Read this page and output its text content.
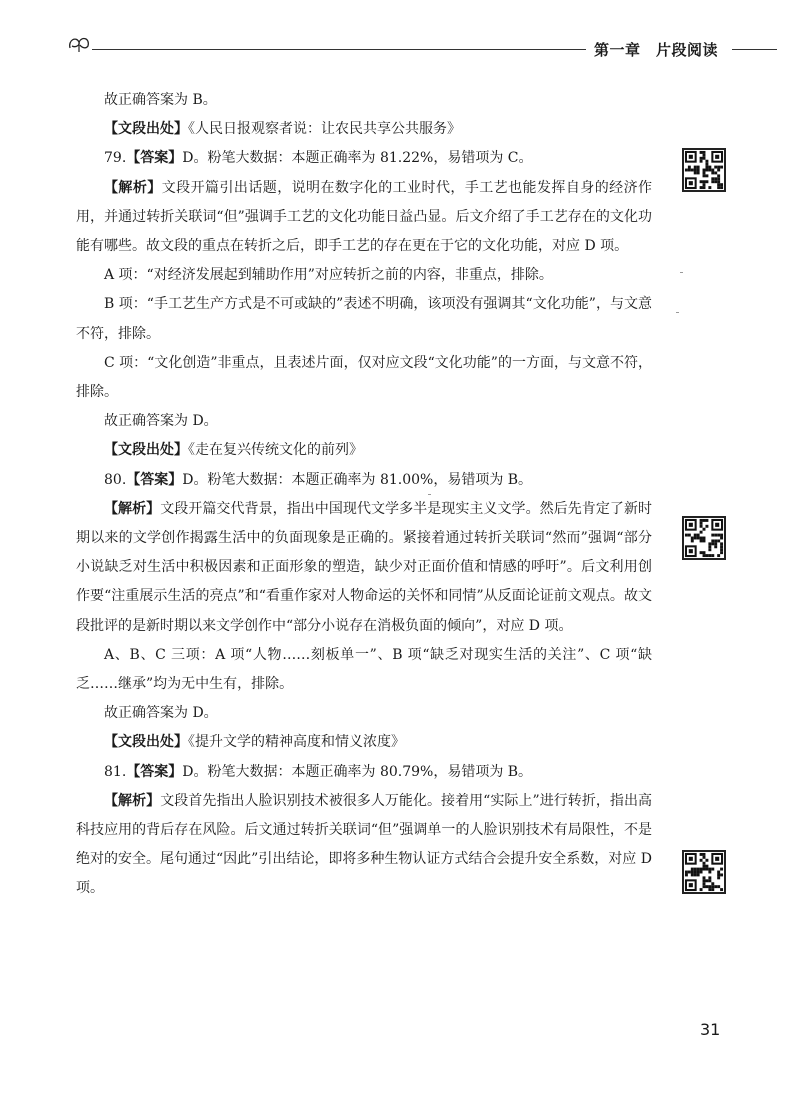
第一章　片段阅读

故正确答案为 B。

【文段出处】《人民日报观察者说：让农民共享公共服务》

79.【答案】D。粉笔大数据：本题正确率为 81.22%，易错项为 C。

【解析】文段开篇引出话题，说明在数字化的工业时代，手工艺也能发挥自身的经济作用，并通过转折关联词“但”强调手工艺的文化功能日益凸显。后文介绍了手工艺存在的文化功能有哪些。故文段的重点在转折之后，即手工艺的存在更在于它的文化功能，对应 D 项。

A 项：“对经济发展起到辅助作用”对应转折之前的内容，非重点，排除。

B 项：“手工艺生产方式是不可或缺的”表述不明确，该项没有强调其“文化功能”，与文意不符，排除。

C 项：“文化创造”非重点，且表述片面，仅对应文段“文化功能”的一方面，与文意不符，排除。

故正确答案为 D。

【文段出处】《走在复兴传统文化的前列》

80.【答案】D。粉笔大数据：本题正确率为 81.00%，易错项为 B。

【解析】文段开篇交代背景，指出中国现代文学多半是现实主义文学。然后先肯定了新时期以来的文学创作揭露生活中的负面现象是正确的。紧接着通过转折关联词“然而”强调“部分小说缺乏对生活中积极因素和正面形象的塑造，缺少对正面价值和情感的呼吁”。后文利用创作要“注重展示生活的亮点”和“看重作家对人物命运的关怀和同情”从反面论证前文观点。故文段批评的是新时期以来文学创作中“部分小说存在消极负面的倾向”，对应 D 项。

A、B、C 三项：A 项“人物……刻板单一”、B 项“缺乏对现实生活的关注”、C 项“缺乏……继承”均为无中生有，排除。

故正确答案为 D。

【文段出处】《提升文学的精神高度和情义浓度》

81.【答案】D。粉笔大数据：本题正确率为 80.79%，易错项为 B。

【解析】文段首先指出人脸识别技术被很多人万能化。接着用“实际上”进行转折，指出高科技应用的背后存在风险。后文通过转折关联词“但”强调单一的人脸识别技术有局限性，不是绝对的安全。尾句通过“因此”引出结论，即将多种生物认证方式结合会提升安全系数，对应 D 项。

31
